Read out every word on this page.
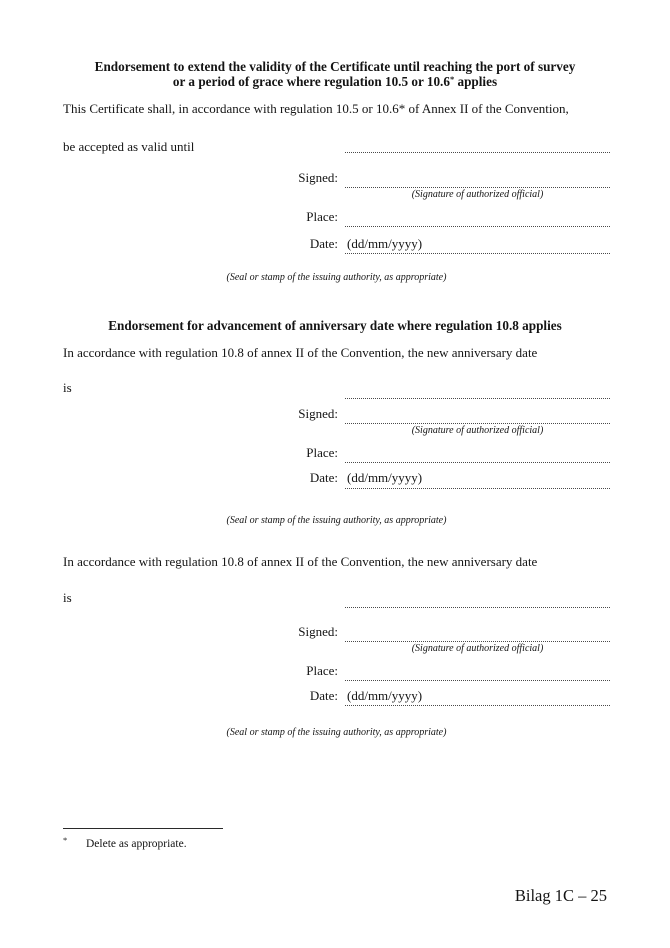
Endorsement to extend the validity of the Certificate until reaching the port of survey
or a period of grace where regulation 10.5 or 10.6* applies
This Certificate shall, in accordance with regulation 10.5 or 10.6* of Annex II of the Convention,
be accepted as valid until
Signed:
(Signature of authorized official)
Place:
Date: (dd/mm/yyyy)
(Seal or stamp of the issuing authority, as appropriate)
Endorsement for advancement of anniversary date where regulation 10.8 applies
In accordance with regulation 10.8 of annex II of the Convention, the new anniversary date
is
Signed:
(Signature of authorized official)
Place:
Date: (dd/mm/yyyy)
(Seal or stamp of the issuing authority, as appropriate)
In accordance with regulation 10.8 of annex II of the Convention, the new anniversary date
is
Signed:
(Signature of authorized official)
Place:
Date: (dd/mm/yyyy)
(Seal or stamp of the issuing authority, as appropriate)
* Delete as appropriate.
Bilag 1C – 25
